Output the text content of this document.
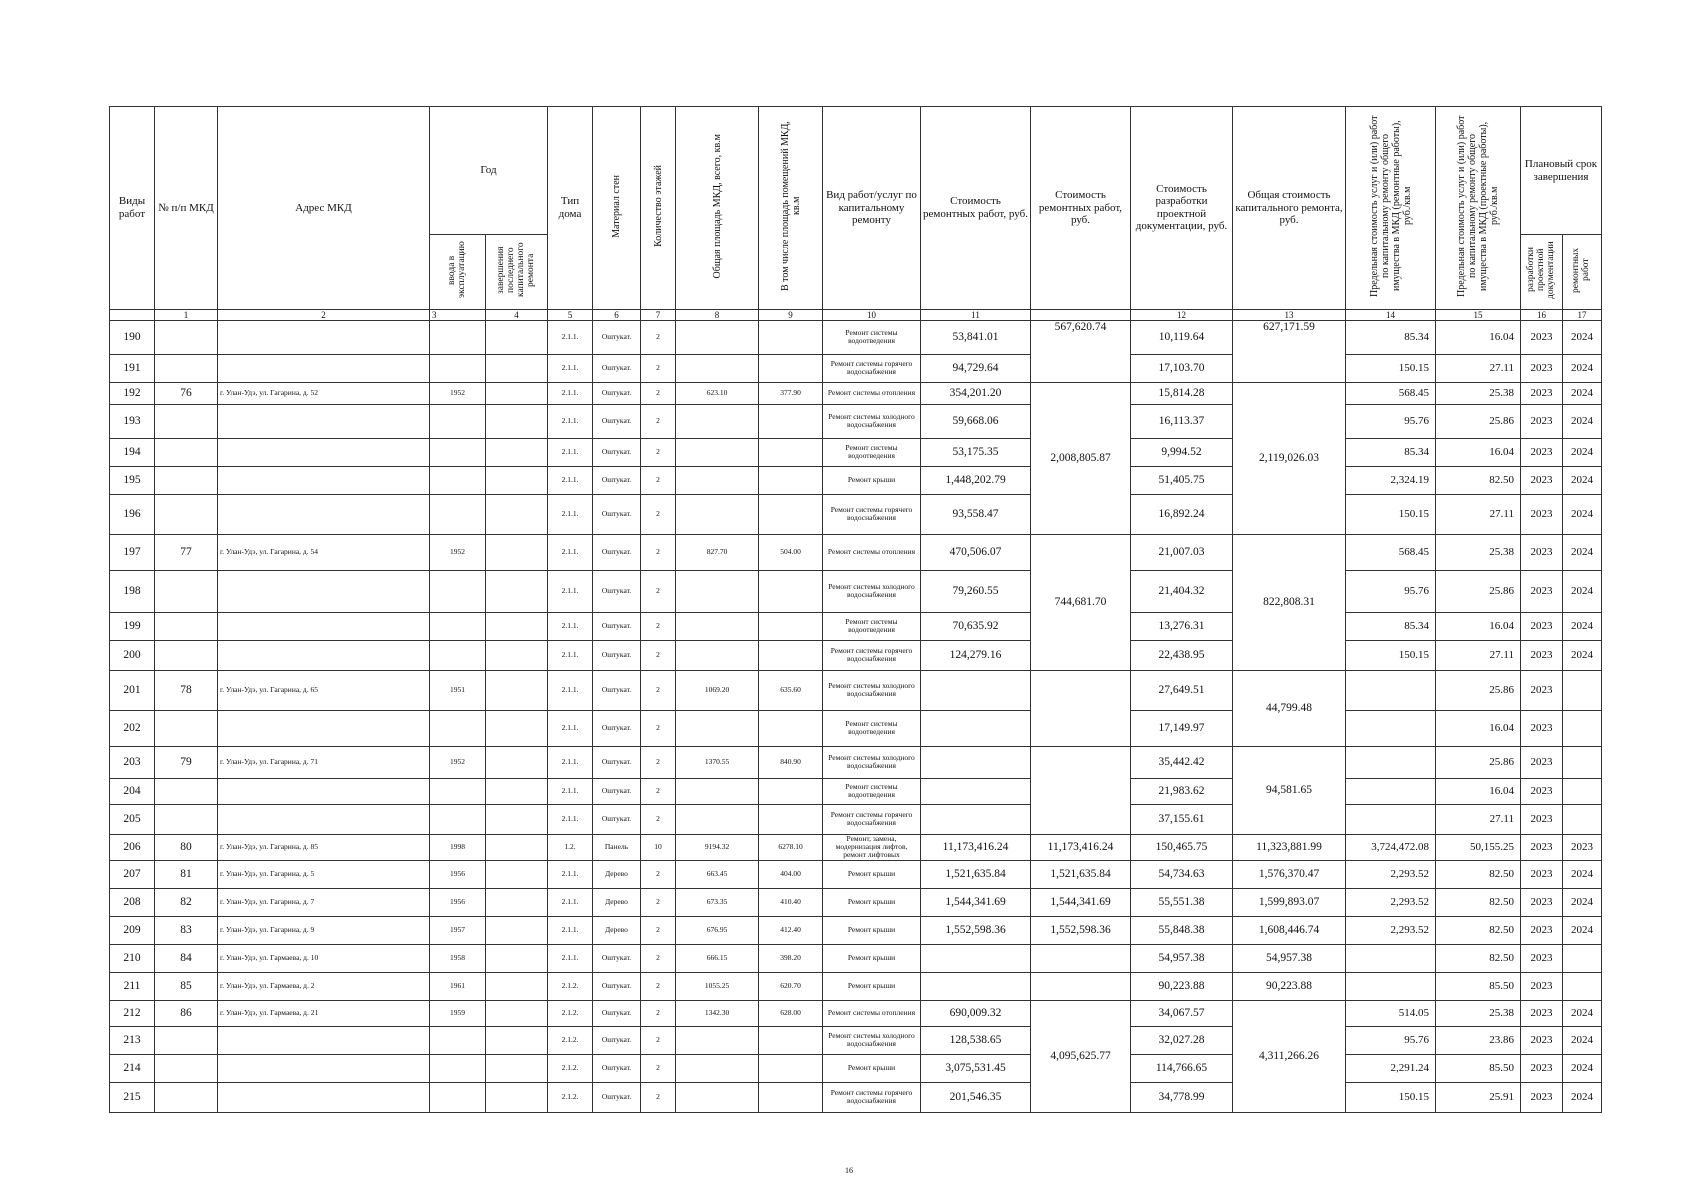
Виды работ	№ п/п МКД	Адрес МКД	Год		Тип дома	Материал стен	Количество этажей	Общая площадь МКД, всего, кв.м	В том числе площадь помещений МКД, кв.м	Вид работ/услуг по капитальному ремонту	Стоимость ремонтных работ, руб.	Стоимость ремонтных работ, руб.	Стоимость разработки проектной документации, руб.	Общая стоимость капитального ремонта, руб.	Предельная стоимость услуг и (или) работ по капитальному ремонту общего имущества в МКД (ремонтные работы), руб./кв.м	Предельная стоимость услуг и (или) работ по капитальному ремонту общего имущества в МКД (проектные работы), руб./кв.м	Плановый срок завершения	
			ввода в эксплуатацию	завершения последнего капитального ремонта													разработки проектной документации	ремонтных работ
	1	2	3	4	5	6	7	8	9	10	11		12	13	14	15	16	17
190					2.1.1.	Оштукат.	2			Ремонт системы водоотведения	53,841.01	567,620.74	10,119.64	627,171.59	85.34	16.04	2023	2024
191					2.1.1.	Оштукат.	2			Ремонт системы горячего водоснабжения	94,729.64		17,103.70		150.15	27.11	2023	2024
192	76	г. Улан-Удэ, ул. Гагарина, д. 52	1952		2.1.1.	Оштукат.	2	623.10	377.90	Ремонт системы отопления	354,201.20	2,008,805.87	15,814.28	2,119,026.03	568.45	25.38	2023	2024
193					2.1.1.	Оштукат.	2			Ремонт системы холодного водоснабжения	59,668.06		16,113.37		95.76	25.86	2023	2024
194					2.1.1.	Оштукат.	2			Ремонт системы водоотведения	53,175.35		9,994.52		85.34	16.04	2023	2024
195					2.1.1.	Оштукат.	2			Ремонт крыши	1,448,202.79		51,405.75		2,324.19	82.50	2023	2024
196					2.1.1.	Оштукат.	2			Ремонт системы горячего водоснабжения	93,558.47		16,892.24		150.15	27.11	2023	2024
197	77	г. Улан-Удэ, ул. Гагарина, д. 54	1952		2.1.1.	Оштукат.	2	827.70	504.00	Ремонт системы отопления	470,506.07	744,681.70	21,007.03	822,808.31	568.45	25.38	2023	2024
198					2.1.1.	Оштукат.	2			Ремонт системы холодного водоснабжения	79,260.55		21,404.32		95.76	25.86	2023	2024
199					2.1.1.	Оштукат.	2			Ремонт системы водоотведения	70,635.92		13,276.31		85.34	16.04	2023	2024
200					2.1.1.	Оштукат.	2			Ремонт системы горячего водоснабжения	124,279.16		22,438.95		150.15	27.11	2023	2024
201	78	г. Улан-Удэ, ул. Гагарина, д. 65	1951		2.1.1.	Оштукат.	2	1069.20	635.60	Ремонт системы холодного водоснабжения			27,649.51	44,799.48		25.86	2023	
202					2.1.1.	Оштукат.	2			Ремонт системы водоотведения			17,149.97			16.04	2023	
203	79	г. Улан-Удэ, ул. Гагарина, д. 71	1952		2.1.1.	Оштукат.	2	1370.55	840.90	Ремонт системы холодного водоснабжения			35,442.42	94,581.65		25.86	2023	
204					2.1.1.	Оштукат.	2			Ремонт системы водоотведения			21,983.62			16.04	2023	
205					2.1.1.	Оштукат.	2			Ремонт системы горячего водоснабжения			37,155.61			27.11	2023	
206	80	г. Улан-Удэ, ул. Гагарина, д. 85	1998		1.2.	Панель	10	9194.32	6278.10	Ремонт, замена, модернизация лифтов, ремонт лифтовых	11,173,416.24	11,173,416.24	150,465.75	11,323,881.99	3,724,472.08	50,155.25	2023	2023
207	81	г. Улан-Удэ, ул. Гагарина, д. 5	1956		2.1.1.	Дерево	2	663.45	404.00	Ремонт крыши	1,521,635.84	1,521,635.84	54,734.63	1,576,370.47	2,293.52	82.50	2023	2024
208	82	г. Улан-Удэ, ул. Гагарина, д. 7	1956		2.1.1.	Дерево	2	673.35	410.40	Ремонт крыши	1,544,341.69	1,544,341.69	55,551.38	1,599,893.07	2,293.52	82.50	2023	2024
209	83	г. Улан-Удэ, ул. Гагарина, д. 9	1957		2.1.1.	Дерево	2	676.95	412.40	Ремонт крыши	1,552,598.36	1,552,598.36	55,848.38	1,608,446.74	2,293.52	82.50	2023	2024
210	84	г. Улан-Удэ, ул. Гармаева, д. 10	1958		2.1.1.	Оштукат.	2	666.15	398.20	Ремонт крыши			54,957.38	54,957.38		82.50	2023	
211	85	г. Улан-Удэ, ул. Гармаева, д. 2	1961		2.1.2.	Оштукат.	2	1055.25	620.70	Ремонт крыши			90,223.88	90,223.88		85.50	2023	
212	86	г. Улан-Удэ, ул. Гармаева, д. 21	1959		2.1.2.	Оштукат.	2	1342.30	628.00	Ремонт системы отопления	690,009.32	4,095,625.77	34,067.57	4,311,266.26	514.05	25.38	2023	2024
213					2.1.2.	Оштукат.	2			Ремонт системы холодного водоснабжения	128,538.65		32,027.28		95.76	23.86	2023	2024
214					2.1.2.	Оштукат.	2			Ремонт крыши	3,075,531.45		114,766.65		2,291.24	85.50	2023	2024
215					2.1.2.	Оштукат.	2			Ремонт системы горячего водоснабжения	201,546.35		34,778.99		150.15	25.91	2023	2024
16
